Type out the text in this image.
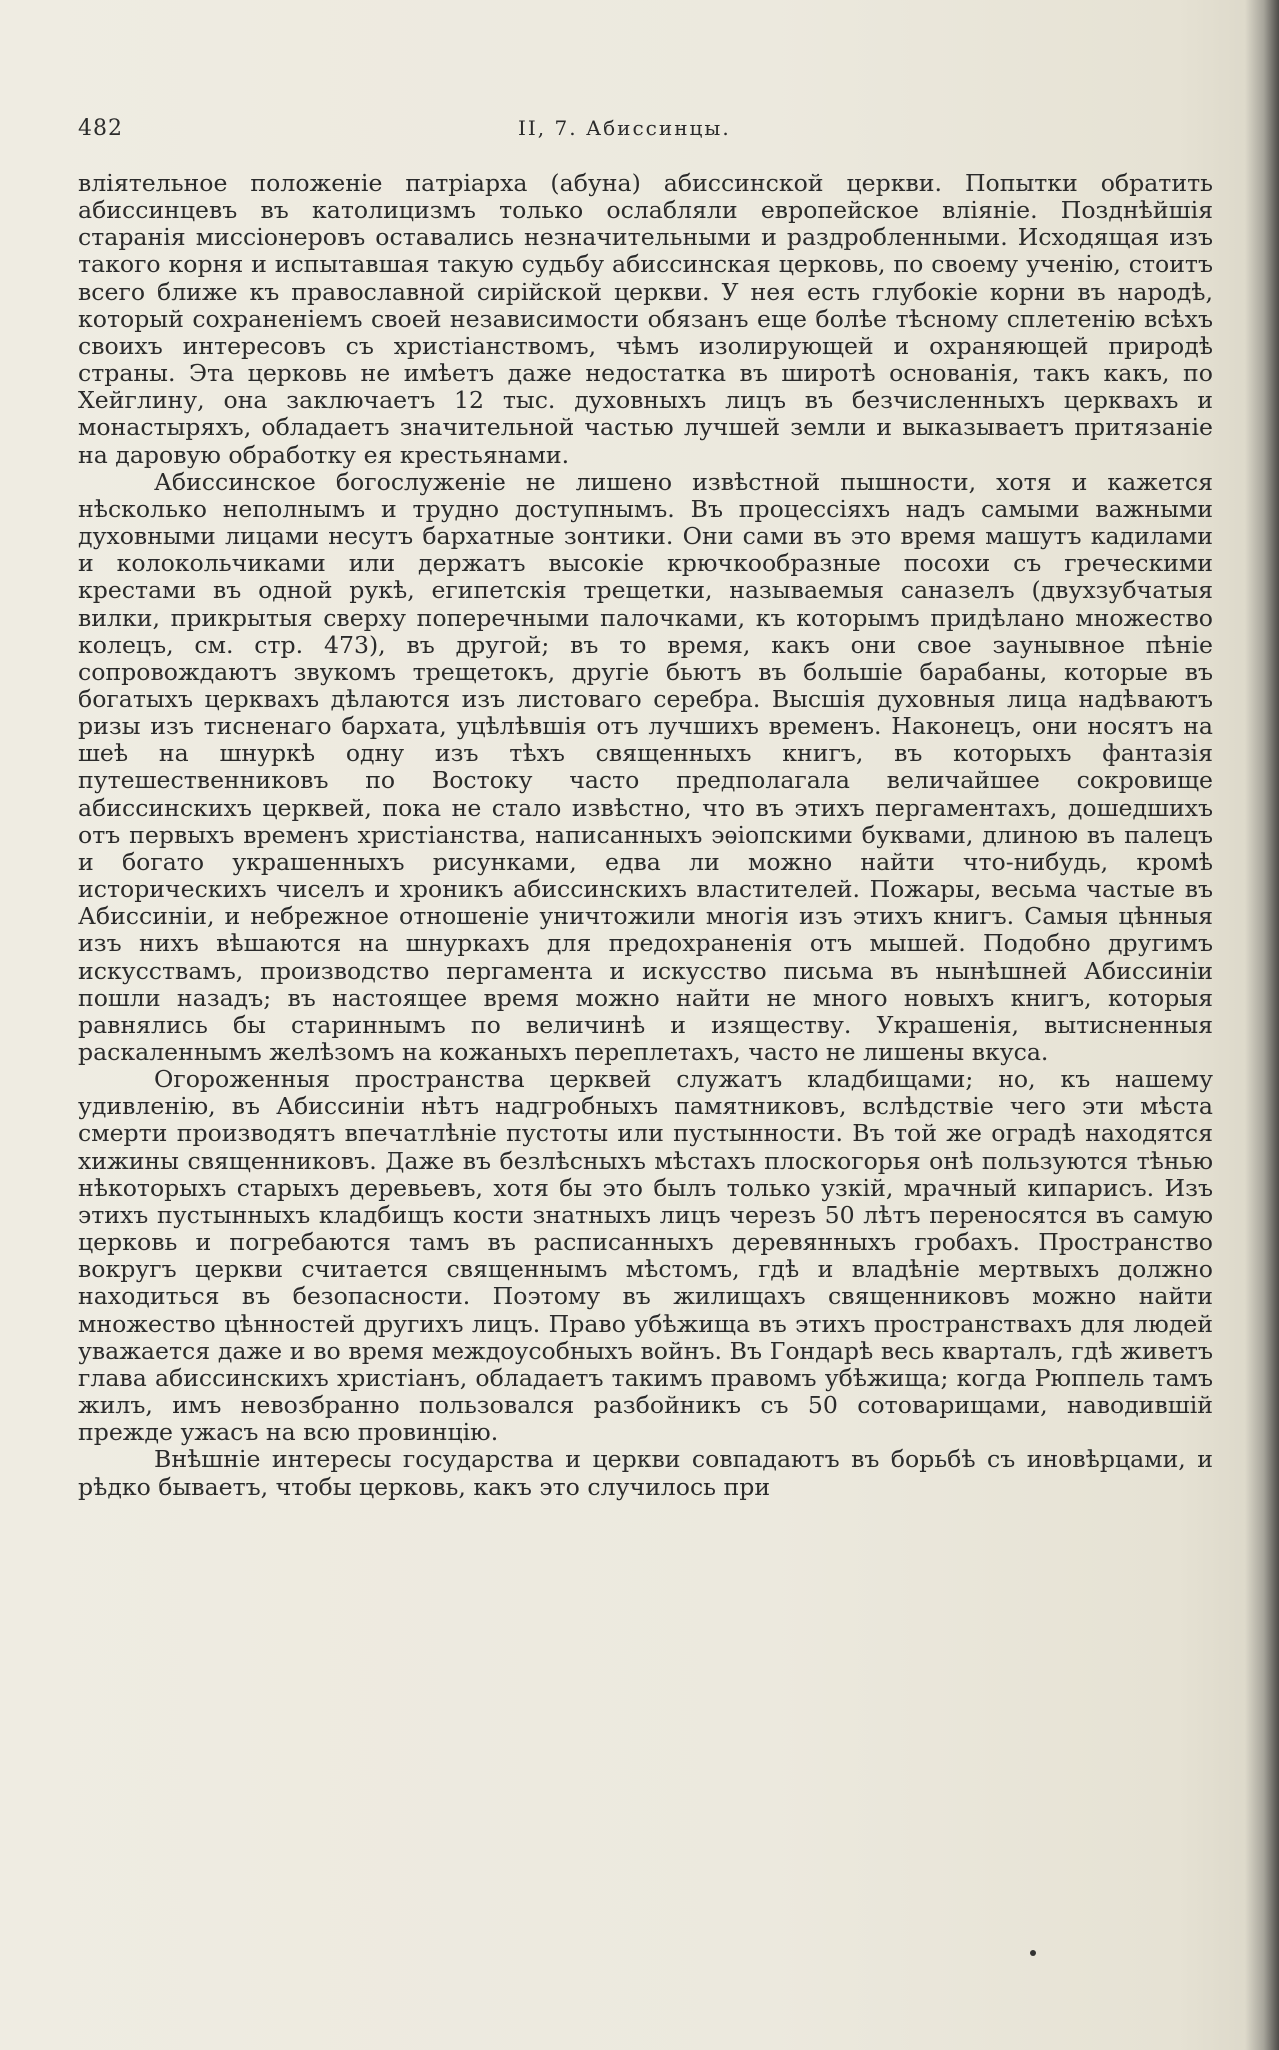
482	II, 7. Абиссинцы.

вліятельное положеніе патріарха (абуна) абиссинской церкви. Попытки обратить абиссинцевъ въ католицизмъ только ослабляли европейское вліяніе. Позднѣйшія старанія миссіонеровъ оставались незначительными и раздробленными. Исходящая изъ такого корня и испытавшая такую судьбу абиссинская церковь, по своему ученію, стоитъ всего ближе къ православной сирійской церкви. У нея есть глубокіе корни въ народѣ, который сохраненіемъ своей независимости обязанъ еще болѣе тѣсному сплетенію всѣхъ своихъ интересовъ съ христіанствомъ, чѣмъ изолирующей и охраняющей природѣ страны. Эта церковь не имѣетъ даже недостатка въ широтѣ основанія, такъ какъ, по Хейглину, она заключаетъ 12 тыс. духовныхъ лицъ въ безчисленныхъ церквахъ и монастыряхъ, обладаетъ значительной частью лучшей земли и выказываетъ притязаніе на даровую обработку ея крестьянами.

Абиссинское богослуженіе не лишено извѣстной пышности, хотя и кажется нѣсколько неполнымъ и трудно доступнымъ. Въ процессіяхъ надъ самыми важными духовными лицами несутъ бархатные зонтики. Они сами въ это время машутъ кадилами и колокольчиками или держатъ высокіе крючкообразные посохи съ греческими крестами въ одной рукѣ, египетскія трещетки, называемыя саназелъ (двухзубчатыя вилки, прикрытыя сверху поперечными палочками, къ которымъ придѣлано множество колецъ, см. стр. 473), въ другой; въ то время, какъ они свое заунывное пѣніе сопровождаютъ звукомъ трещетокъ, другіе бьютъ въ большіе барабаны, которые въ богатыхъ церквахъ дѣлаются изъ листоваго серебра. Высшія духовныя лица надѣваютъ ризы изъ тисненаго бархата, уцѣлѣвшія отъ лучшихъ временъ. Наконецъ, они носятъ на шеѣ на шнуркѣ одну изъ тѣхъ священныхъ книгъ, въ которыхъ фантазія путешественниковъ по Востоку часто предполагала величайшее сокровище абиссинскихъ церквей, пока не стало извѣстно, что въ этихъ пергаментахъ, дошедшихъ отъ первыхъ временъ христіанства, написанныхъ эѳіопскими буквами, длиною въ палецъ и богато украшенныхъ рисунками, едва ли можно найти что-нибудь, кромѣ историческихъ чиселъ и хроникъ абиссинскихъ властителей. Пожары, весьма частые въ Абиссиніи, и небрежное отношеніе уничтожили многія изъ этихъ книгъ. Самыя цѣнныя изъ нихъ вѣшаются на шнуркахъ для предохраненія отъ мышей. Подобно другимъ искусствамъ, производство пергамента и искусство письма въ нынѣшней Абиссиніи пошли назадъ; въ настоящее время можно найти не много новыхъ книгъ, которыя равнялись бы стариннымъ по величинѣ и изяществу. Украшенія, вытисненныя раскаленнымъ желѣзомъ на кожаныхъ переплетахъ, часто не лишены вкуса.

Огороженныя пространства церквей служатъ кладбищами; но, къ нашему удивленію, въ Абиссиніи нѣтъ надгробныхъ памятниковъ, вслѣдствіе чего эти мѣста смерти производятъ впечатлѣніе пустоты или пустынности. Въ той же оградѣ находятся хижины священниковъ. Даже въ безлѣсныхъ мѣстахъ плоскогорья онѣ пользуются тѣнью нѣкоторыхъ старыхъ деревьевъ, хотя бы это былъ только узкій, мрачный кипарисъ. Изъ этихъ пустынныхъ кладбищъ кости знатныхъ лицъ черезъ 50 лѣтъ переносятся въ самую церковь и погребаются тамъ въ расписанныхъ деревянныхъ гробахъ. Пространство вокругъ церкви считается священнымъ мѣстомъ, гдѣ и владѣніе мертвыхъ должно находиться въ безопасности. Поэтому въ жилищахъ священниковъ можно найти множество цѣнностей другихъ лицъ. Право убѣжища въ этихъ пространствахъ для людей уважается даже и во время междоусобныхъ войнъ. Въ Гондарѣ весь кварталъ, гдѣ живетъ глава абиссинскихъ христіанъ, обладаетъ такимъ правомъ убѣжища; когда Рюппель тамъ жилъ, имъ невозбранно пользовался разбойникъ съ 50 сотоварищами, наводившій прежде ужасъ на всю провинцію.

Внѣшніе интересы государства и церкви совпадаютъ въ борьбѣ съ иновѣрцами, и рѣдко бываетъ, чтобы церковь, какъ это случилось при
